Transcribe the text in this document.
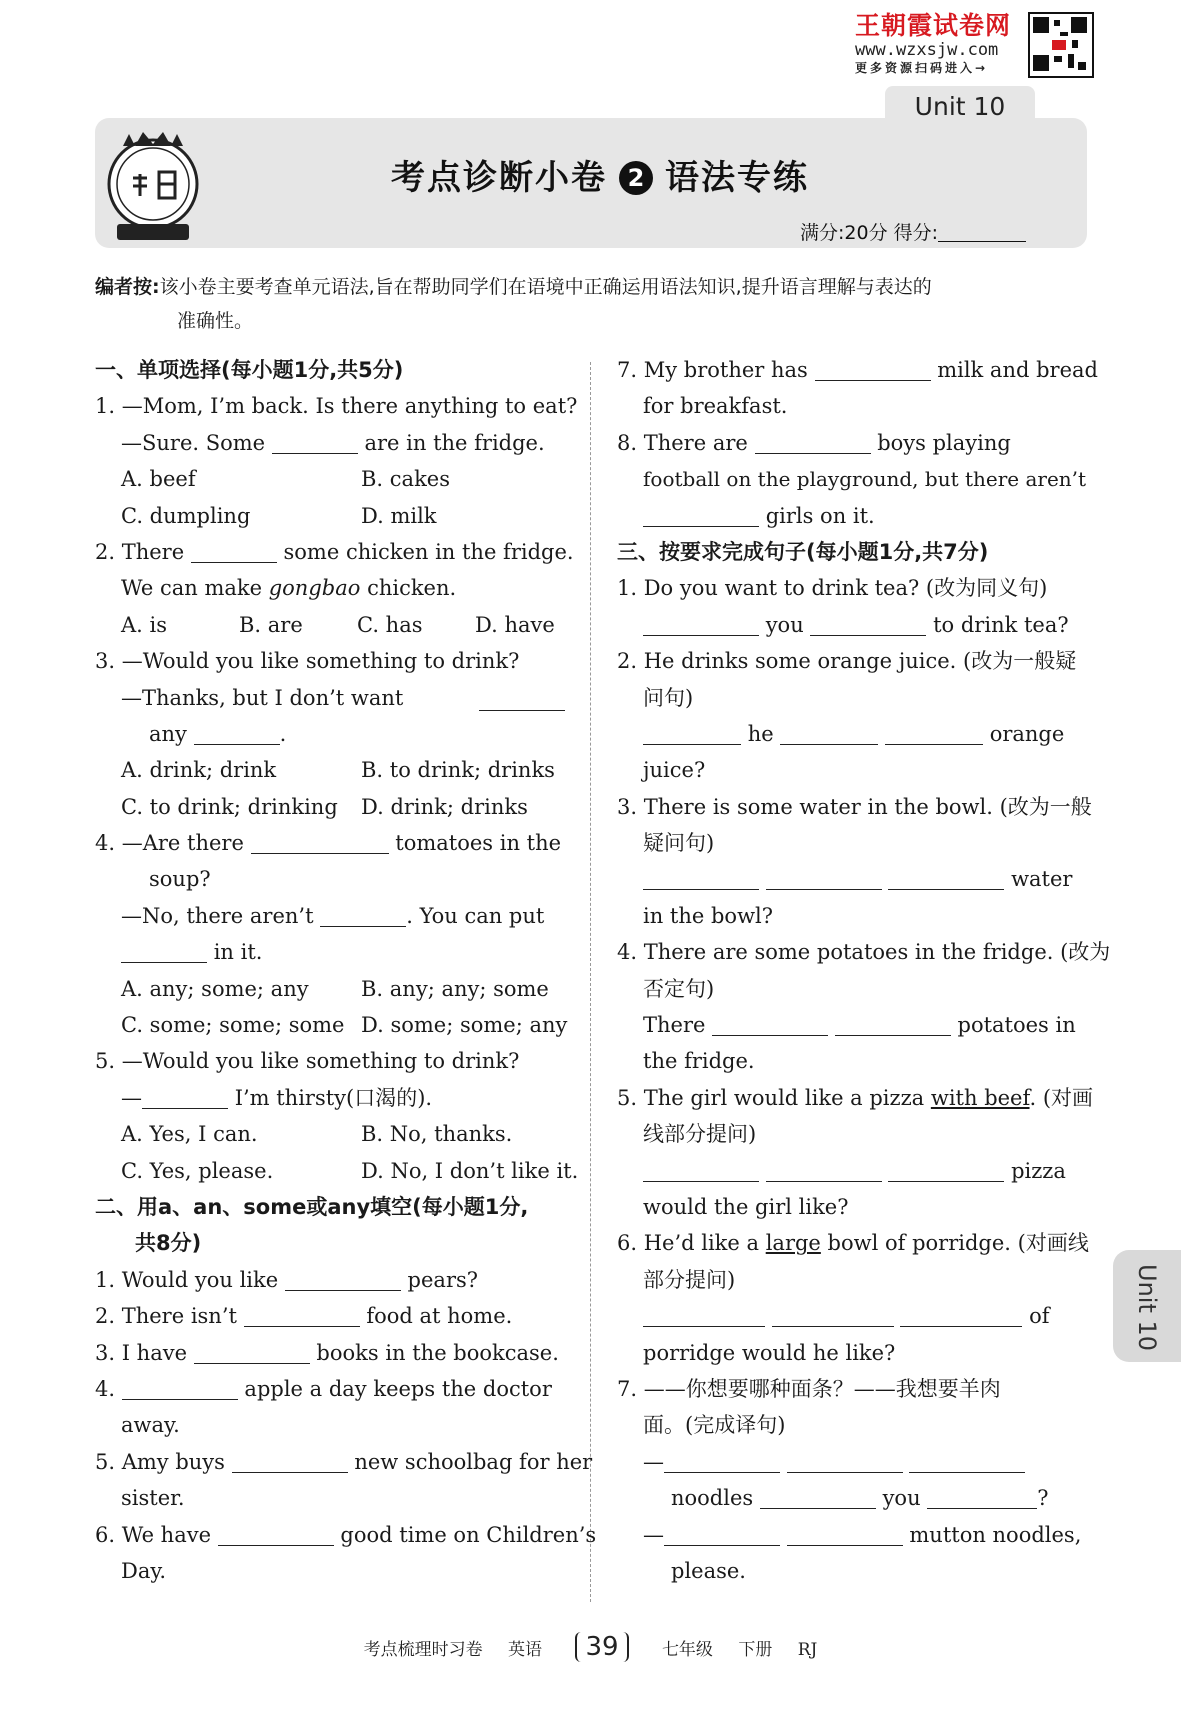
王朝霞试卷网
www.wzxsjw.com
更多资源扫码进入→
Unit 10
考点诊断小卷 2 语法专练
满分:20分 得分:
编者按:该小卷主要考查单元语法,旨在帮助同学们在语境中正确运用语法知识,提升语言理解与表达的
准确性。
一、单项选择(每小题1分,共5分)
1. —Mom, I’m back. Is there anything to eat?
—Sure. Some	are in the fridge.
A. beef	B. cakes
C. dumpling	D. milk
2. There	some chicken in the fridge.
We can make gongbao chicken.
A. is	B. are	C. has	D. have
3. —Would you like something to drink?
—Thanks, but I don’t want
any	.
A. drink; drink	B. to drink; drinks
C. to drink; drinking D. drink; drinks
4. —Are there	tomatoes in the
soup?
—No, there aren’t	. You can put
in it.
A. any; some; any B. any; any; some
C. some; some; some D. some; some; any
5. —Would you like something to drink?
—	I’m thirsty(口渴的).
A. Yes, I can.	B. No, thanks.
C. Yes, please.	D. No, I don’t like it.
二、用a、an、some或any填空(每小题1分,
共8分)
1. Would you like	pears?
2. There isn’t	food at home.
3. I have	books in the bookcase.
4.	apple a day keeps the doctor
away.
5. Amy buys	new schoolbag for her
sister.
6. We have	good time on Children’s
Day.
7. My brother has	milk and bread
for breakfast.
8. There are	boys playing
football on the playground, but there aren’t
girls on it.
三、按要求完成句子(每小题1分,共7分)
1. Do you want to drink tea? (改为同义句)
you	to drink tea?
2. He drinks some orange juice. (改为一般疑
问句)
he	orange
juice?
3. There is some water in the bowl. (改为一般
疑问句)
water
in the bowl?
4. There are some potatoes in the fridge. (改为
否定句)
There	potatoes in
the fridge.
5. The girl would like a pizza with beef. (对画
线部分提问)
pizza
would the girl like?
6. He’d like a large bowl of porridge. (对画线
部分提问)
of
porridge would he like?
7. ——你想要哪种面条？——我想要羊肉
面。(完成译句)
—
noodles	you	?
—	mutton noodles,
please.
Unit 10
考点梳理时习卷 英语 39	七年级 下册 RJ
